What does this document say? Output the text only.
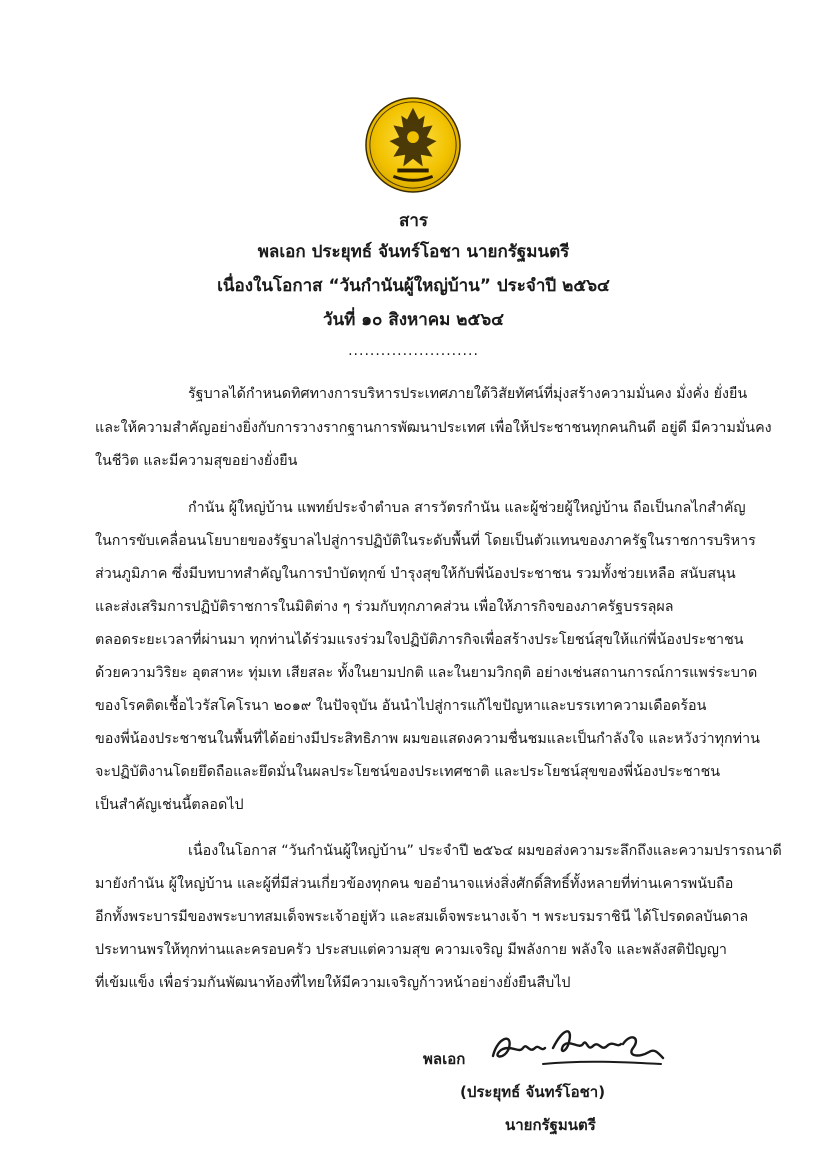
สาร
พลเอก ประยุทธ์ จันทร์โอชา นายกรัฐมนตรี
เนื่องในโอกาส “วันกำนันผู้ใหญ่บ้าน” ประจำปี ๒๕๖๔
วันที่ ๑๐ สิงหาคม ๒๕๖๔
........................
รัฐบาลได้กำหนดทิศทางการบริหารประเทศภายใต้วิสัยทัศน์ที่มุ่งสร้างความมั่นคง มั่งคั่ง ยั่งยืน
และให้ความสำคัญอย่างยิ่งกับการวางรากฐานการพัฒนาประเทศ เพื่อให้ประชาชนทุกคนกินดี อยู่ดี มีความมั่นคง
ในชีวิต และมีความสุขอย่างยั่งยืน
กำนัน ผู้ใหญ่บ้าน แพทย์ประจำตำบล สารวัตรกำนัน และผู้ช่วยผู้ใหญ่บ้าน ถือเป็นกลไกสำคัญ
ในการขับเคลื่อนนโยบายของรัฐบาลไปสู่การปฏิบัติในระดับพื้นที่ โดยเป็นตัวแทนของภาครัฐในราชการบริหาร
ส่วนภูมิภาค ซึ่งมีบทบาทสำคัญในการบำบัดทุกข์ บำรุงสุขให้กับพี่น้องประชาชน รวมทั้งช่วยเหลือ สนับสนุน
และส่งเสริมการปฏิบัติราชการในมิติต่าง ๆ ร่วมกับทุกภาคส่วน เพื่อให้ภารกิจของภาครัฐบรรลุผล
ตลอดระยะเวลาที่ผ่านมา ทุกท่านได้ร่วมแรงร่วมใจปฏิบัติภารกิจเพื่อสร้างประโยชน์สุขให้แก่พี่น้องประชาชน
ด้วยความวิริยะ อุตสาหะ ทุ่มเท เสียสละ ทั้งในยามปกติ และในยามวิกฤติ อย่างเช่นสถานการณ์การแพร่ระบาด
ของโรคติดเชื้อไวรัสโคโรนา ๒๐๑๙ ในปัจจุบัน อันนำไปสู่การแก้ไขปัญหาและบรรเทาความเดือดร้อน
ของพี่น้องประชาชนในพื้นที่ได้อย่างมีประสิทธิภาพ ผมขอแสดงความชื่นชมและเป็นกำลังใจ และหวังว่าทุกท่าน
จะปฏิบัติงานโดยยึดถือและยึดมั่นในผลประโยชน์ของประเทศชาติ และประโยชน์สุขของพี่น้องประชาชน
เป็นสำคัญเช่นนี้ตลอดไป
เนื่องในโอกาส “วันกำนันผู้ใหญ่บ้าน” ประจำปี ๒๕๖๔ ผมขอส่งความระลึกถึงและความปรารถนาดี
มายังกำนัน ผู้ใหญ่บ้าน และผู้ที่มีส่วนเกี่ยวข้องทุกคน ขออำนาจแห่งสิ่งศักดิ์สิทธิ์ทั้งหลายที่ท่านเคารพนับถือ
อีกทั้งพระบารมีของพระบาทสมเด็จพระเจ้าอยู่หัว และสมเด็จพระนางเจ้า ฯ พระบรมราชินี ได้โปรดดลบันดาล
ประทานพรให้ทุกท่านและครอบครัว ประสบแต่ความสุข ความเจริญ มีพลังกาย พลังใจ และพลังสติปัญญา
ที่เข้มแข็ง เพื่อร่วมกันพัฒนาท้องที่ไทยให้มีความเจริญก้าวหน้าอย่างยั่งยืนสืบไป
พลเอก
(ประยุทธ์ จันทร์โอชา)
นายกรัฐมนตรี
